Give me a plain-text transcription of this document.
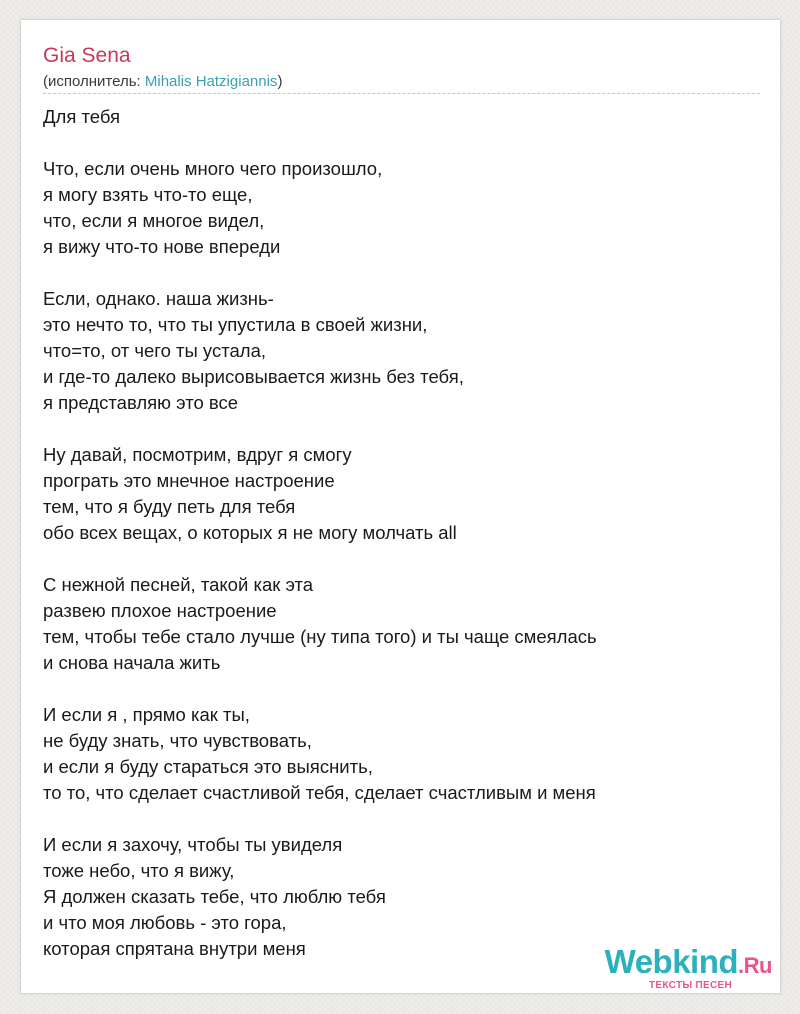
Gia Sena
(исполнитель: Mihalis Hatzigiannis)
Для тебя
Что, если очень много чего произошло,
я могу взять что-то еще,
что, если я многое видел,
я вижу что-то нове впереди
Если, однако. наша жизнь-
это нечто то, что ты упустила в своей жизни,
что=то, от чего ты устала,
и где-то далеко вырисовывается жизнь без тебя,
я представляю это все
Ну давай, посмотрим, вдруг я смогу
програть это мнечное настроение
тем, что я буду петь для тебя
обо всех вещах, о которых я не могу молчать all
С нежной песней, такой как эта
развею плохое настроение
тем, чтобы тебе стало лучше (ну типа того) и ты чаще смеялась
и снова начала жить
И если я , прямо как ты,
не буду знать, что чувствовать,
и если я буду стараться это выяснить,
то то, что сделает счастливой тебя, сделает счастливым и меня
И если я захочу, чтобы ты увиделя
тоже небо, что я вижу,
Я должен сказать тебе, что люблю тебя
и что моя любовь - это гора,
которая спрятана внутри меня	Webkind.Ru
ТЕКСТЫ ПЕСЕН
